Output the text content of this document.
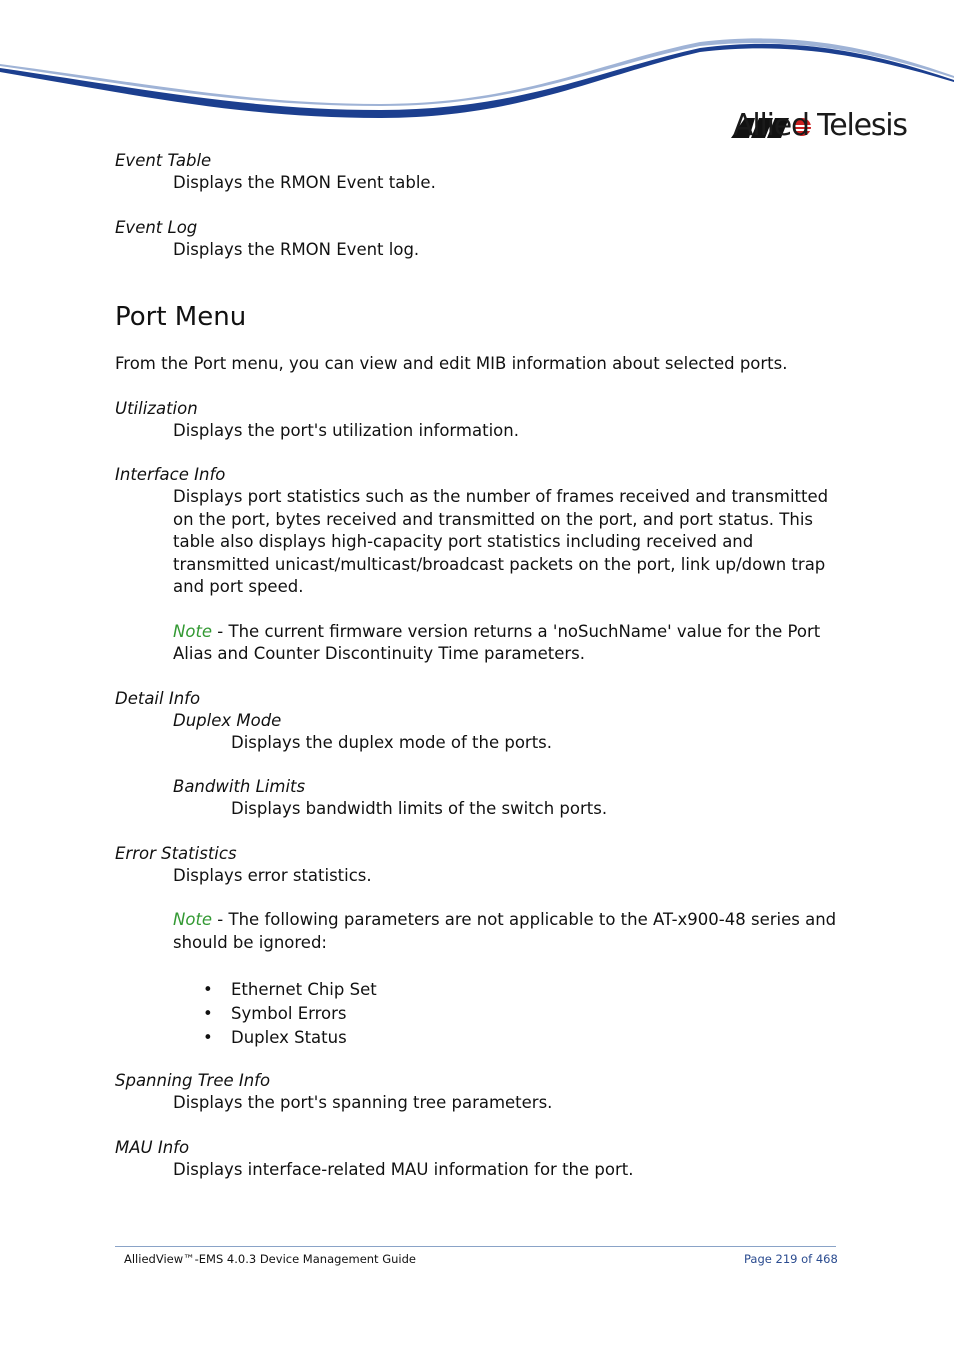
Allied Telesis

Event Table

Displays the RMON Event table.

Event Log

Displays the RMON Event log.

Port Menu

From the Port menu, you can view and edit MIB information about selected ports.

Utilization

Displays the port's utilization information.

Interface Info

Displays port statistics such as the number of frames received and transmitted on the port, bytes received and transmitted on the port, and port status. This table also displays high-capacity port statistics including received and transmitted unicast/multicast/broadcast packets on the port, link up/down trap and port speed.

Note - The current firmware version returns a 'noSuchName' value for the Port Alias and Counter Discontinuity Time parameters.

Detail Info

Duplex Mode

Displays the duplex mode of the ports.

Bandwith Limits

Displays bandwidth limits of the switch ports.

Error Statistics

Displays error statistics.

Note - The following parameters are not applicable to the AT-x900-48 series and should be ignored:

• Ethernet Chip Set
• Symbol Errors
• Duplex Status

Spanning Tree Info

Displays the port's spanning tree parameters.

MAU Info

Displays interface-related MAU information for the port.

AlliedView™-EMS 4.0.3 Device Management Guide	Page 219 of 468
